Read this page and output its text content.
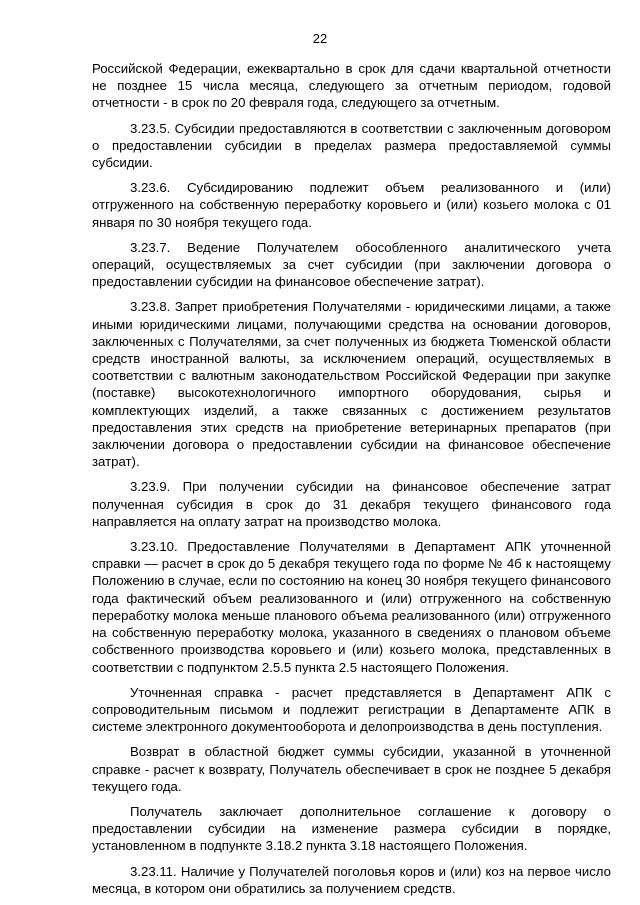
22

Российской Федерации, ежеквартально в срок для сдачи квартальной отчетности не позднее 15 числа месяца, следующего за отчетным периодом, годовой отчетности - в срок по 20 февраля года, следующего за отчетным.

3.23.5. Субсидии предоставляются в соответствии с заключенным договором о предоставлении субсидии в пределах размера предоставляемой суммы субсидии.

3.23.6. Субсидированию подлежит объем реализованного и (или) отгруженного на собственную переработку коровьего и (или) козьего молока с 01 января по 30 ноября текущего года.

3.23.7. Ведение Получателем обособленного аналитического учета операций, осуществляемых за счет субсидии (при заключении договора о предоставлении субсидии на финансовое обеспечение затрат).

3.23.8. Запрет приобретения Получателями - юридическими лицами, а также иными юридическими лицами, получающими средства на основании договоров, заключенных с Получателями, за счет полученных из бюджета Тюменской области средств иностранной валюты, за исключением операций, осуществляемых в соответствии с валютным законодательством Российской Федерации при закупке (поставке) высокотехнологичного импортного оборудования, сырья и комплектующих изделий, а также связанных с достижением результатов предоставления этих средств на приобретение ветеринарных препаратов (при заключении договора о предоставлении субсидии на финансовое обеспечение затрат).

3.23.9. При получении субсидии на финансовое обеспечение затрат полученная субсидия в срок до 31 декабря текущего финансового года направляется на оплату затрат на производство молока.

3.23.10. Предоставление Получателями в Департамент АПК уточненной справки — расчет в срок до 5 декабря текущего года по форме № 4б к настоящему Положению в случае, если по состоянию на конец 30 ноября текущего финансового года фактический объем реализованного и (или) отгруженного на собственную переработку молока меньше планового объема реализованного (или) отгруженного на собственную переработку молока, указанного в сведениях о плановом объеме собственного производства коровьего и (или) козьего молока, представленных в соответствии с подпунктом 2.5.5 пункта 2.5 настоящего Положения.

Уточненная справка - расчет представляется в Департамент АПК с сопроводительным письмом и подлежит регистрации в Департаменте АПК в системе электронного документооборота и делопроизводства в день поступления.

Возврат в областной бюджет суммы субсидии, указанной в уточненной справке - расчет к возврату, Получатель обеспечивает в срок не позднее 5 декабря текущего года.

Получатель заключает дополнительное соглашение к договору о предоставлении субсидии на изменение размера субсидии в порядке, установленном в подпункте 3.18.2 пункта 3.18 настоящего Положения.

3.23.11. Наличие у Получателей поголовья коров и (или) коз на первое число месяца, в котором они обратились за получением средств.
